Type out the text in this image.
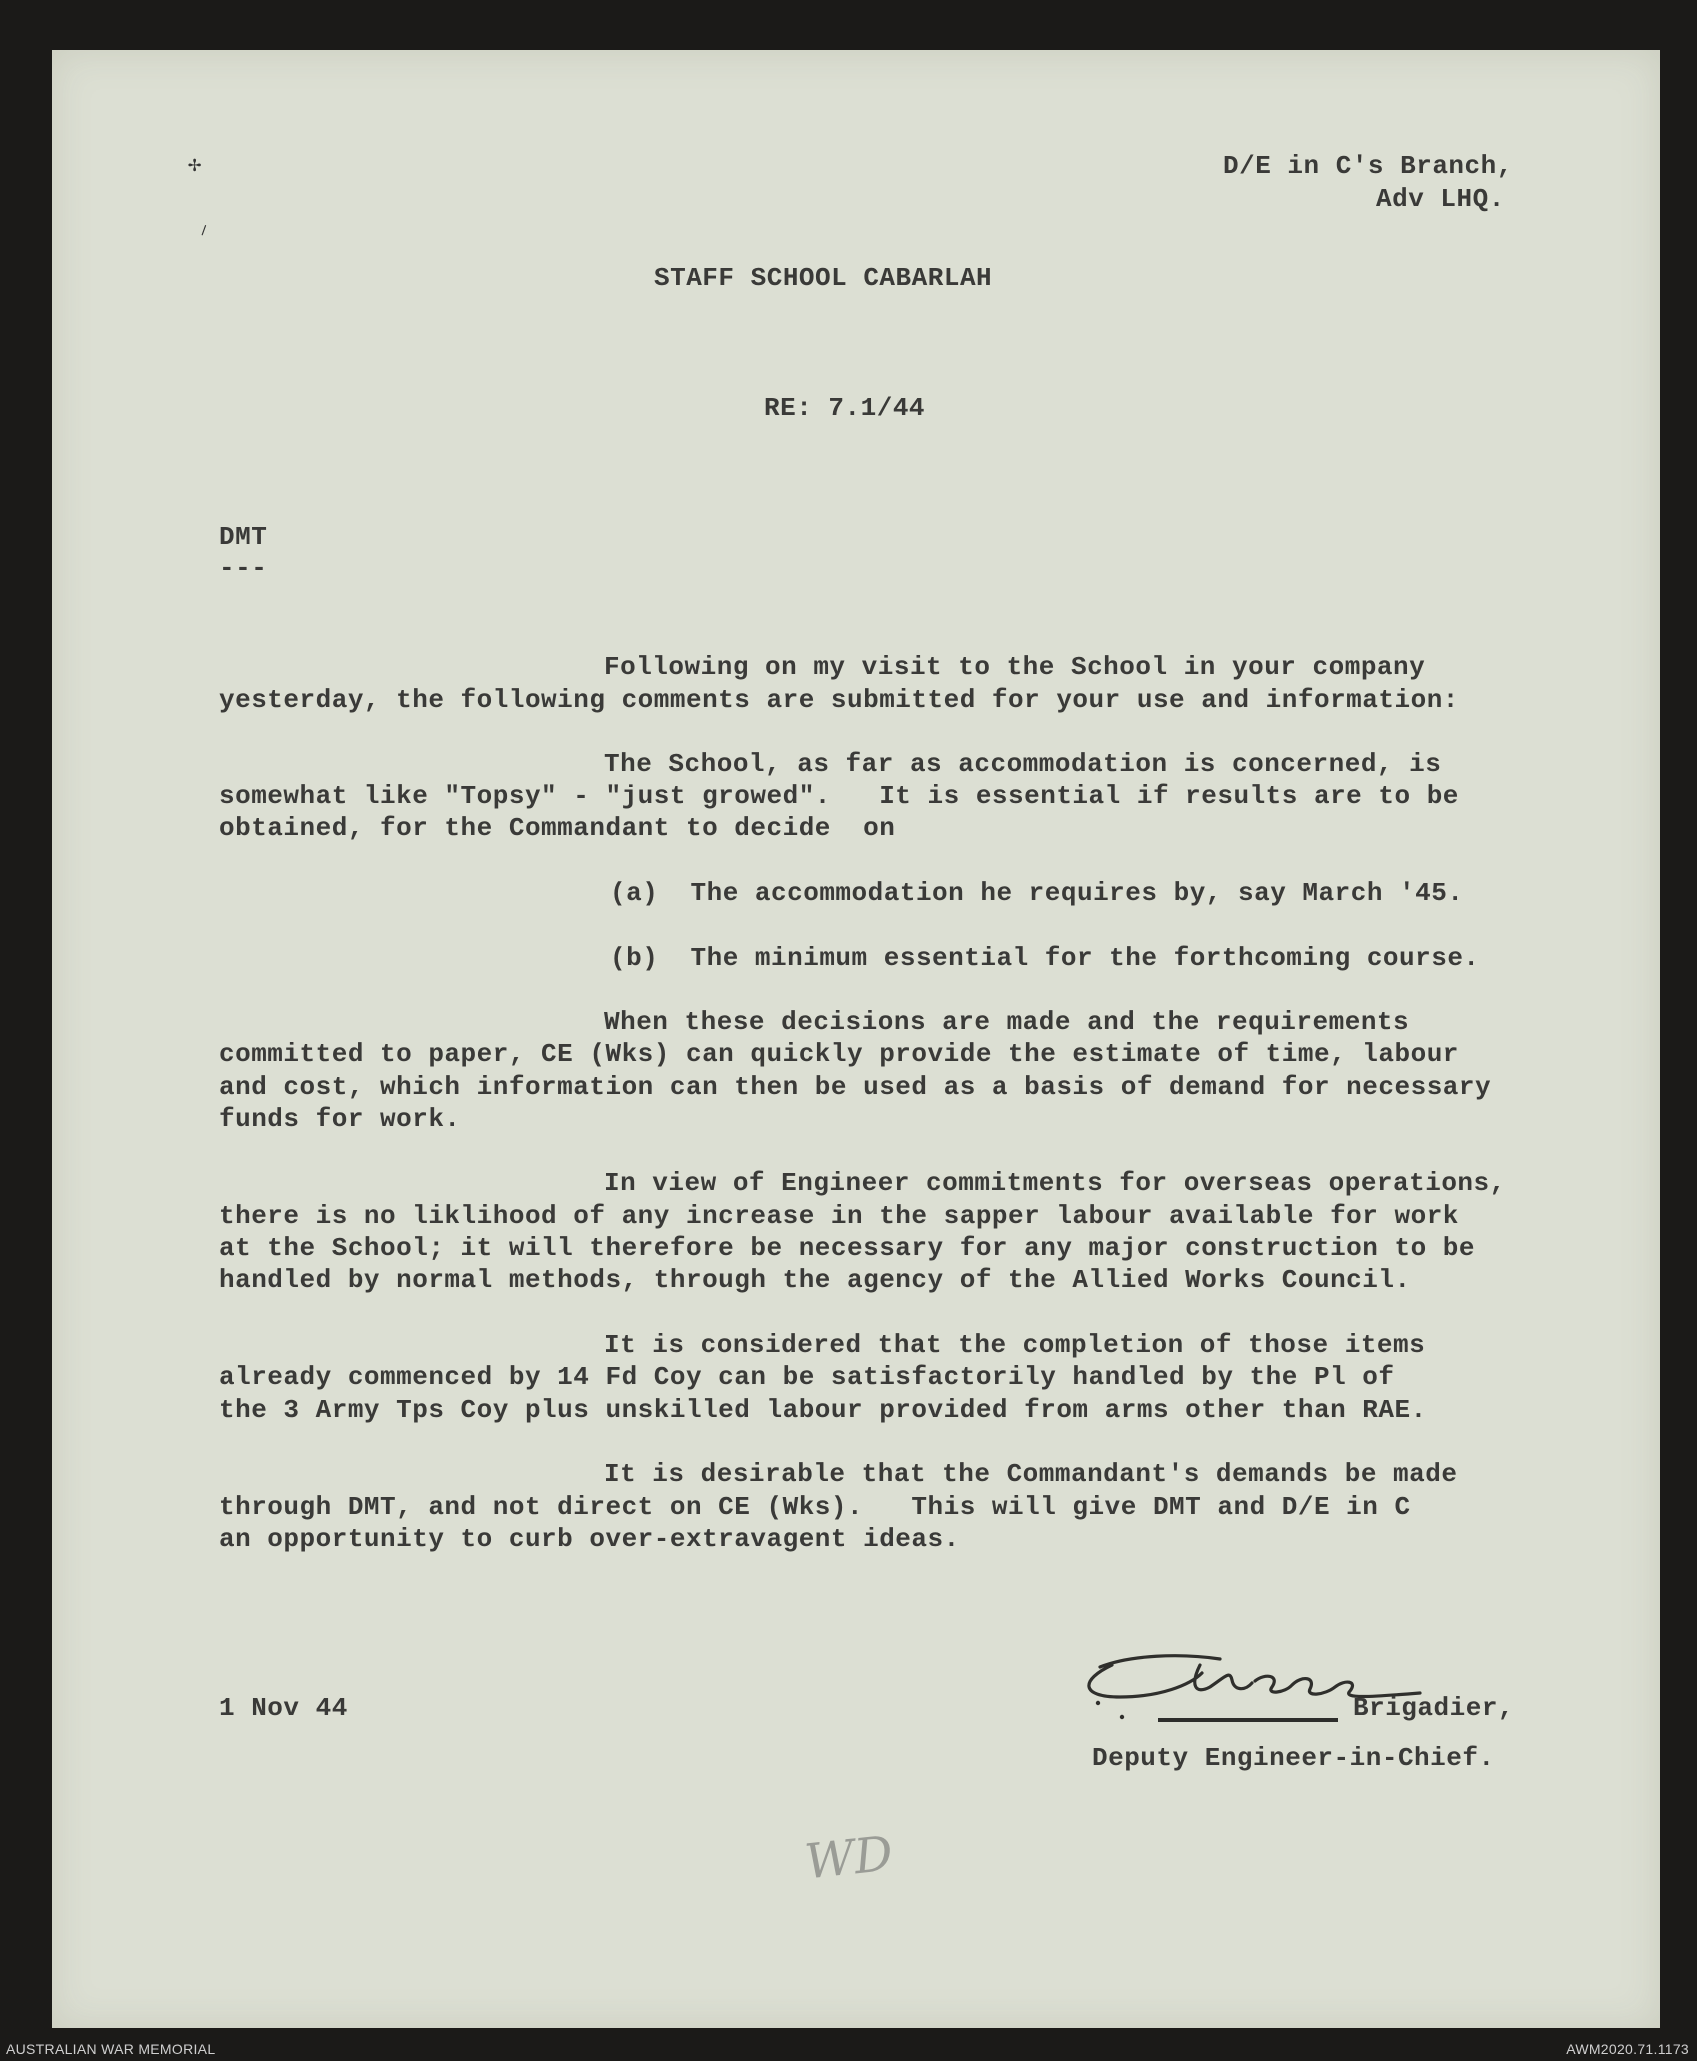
✢
⸝
D/E in C's Branch,
Adv LHQ.
STAFF SCHOOL CABARLAH
RE: 7.1/44
DMT
---
Following on my visit to the School in your company
yesterday, the following comments are submitted for your use and information:
The School, as far as accommodation is concerned, is
somewhat like "Topsy" - "just growed".   It is essential if results are to be
obtained, for the Commandant to decide  on
(a)  The accommodation he requires by, say March '45.
(b)  The minimum essential for the forthcoming course.
When these decisions are made and the requirements
committed to paper, CE (Wks) can quickly provide the estimate of time, labour
and cost, which information can then be used as a basis of demand for necessary
funds for work.
In view of Engineer commitments for overseas operations,
there is no liklihood of any increase in the sapper labour available for work
at the School; it will therefore be necessary for any major construction to be
handled by normal methods, through the agency of the Allied Works Council.
It is considered that the completion of those items
already commenced by 14 Fd Coy can be satisfactorily handled by the Pl of
the 3 Army Tps Coy plus unskilled labour provided from arms other than RAE.
It is desirable that the Commandant's demands be made
through DMT, and not direct on CE (Wks).   This will give DMT and D/E in C
an opportunity to curb over-extravagent ideas.
Brigadier,
Deputy Engineer-in-Chief.
1 Nov 44
WD
AUSTRALIAN WAR MEMORIAL	AWM2020.71.1173
